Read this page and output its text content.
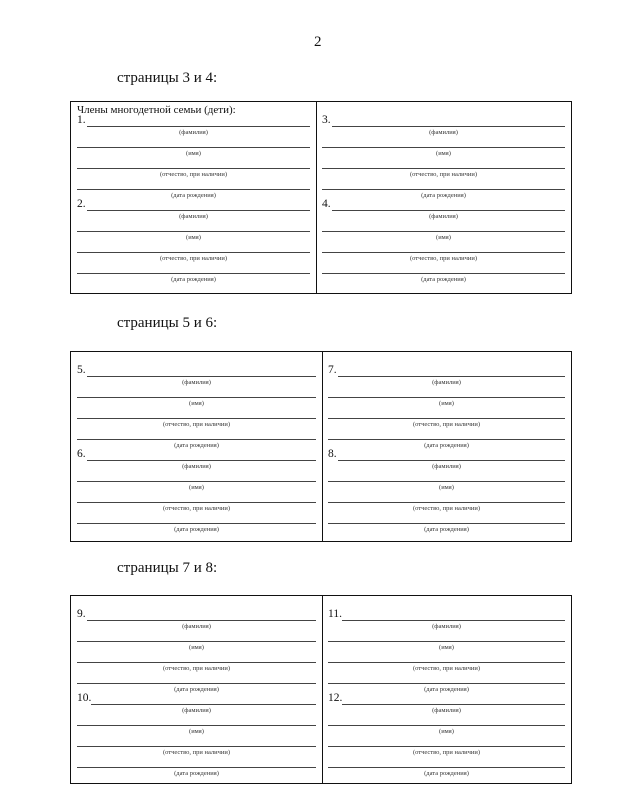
2
страницы 3 и 4:
Члены многодетной семьи (дети):
1.
(фамилия)
(имя)
(отчество, при наличии)
(дата рождения)
2.
(фамилия)
(имя)
(отчество, при наличии)
(дата рождения)
3.
(фамилия)
(имя)
(отчество, при наличии)
(дата рождения)
4.
(фамилия)
(имя)
(отчество, при наличии)
(дата рождения)
страницы 5 и 6:
5.
(фамилия)
(имя)
(отчество, при наличии)
(дата рождения)
6.
(фамилия)
(имя)
(отчество, при наличии)
(дата рождения)
7.
(фамилия)
(имя)
(отчество, при наличии)
(дата рождения)
8.
(фамилия)
(имя)
(отчество, при наличии)
(дата рождения)
страницы 7 и 8:
9.
(фамилия)
(имя)
(отчество, при наличии)
(дата рождения)
10.
(фамилия)
(имя)
(отчество, при наличии)
(дата рождения)
11.
(фамилия)
(имя)
(отчество, при наличии)
(дата рождения)
12.
(фамилия)
(имя)
(отчество, при наличии)
(дата рождения)
